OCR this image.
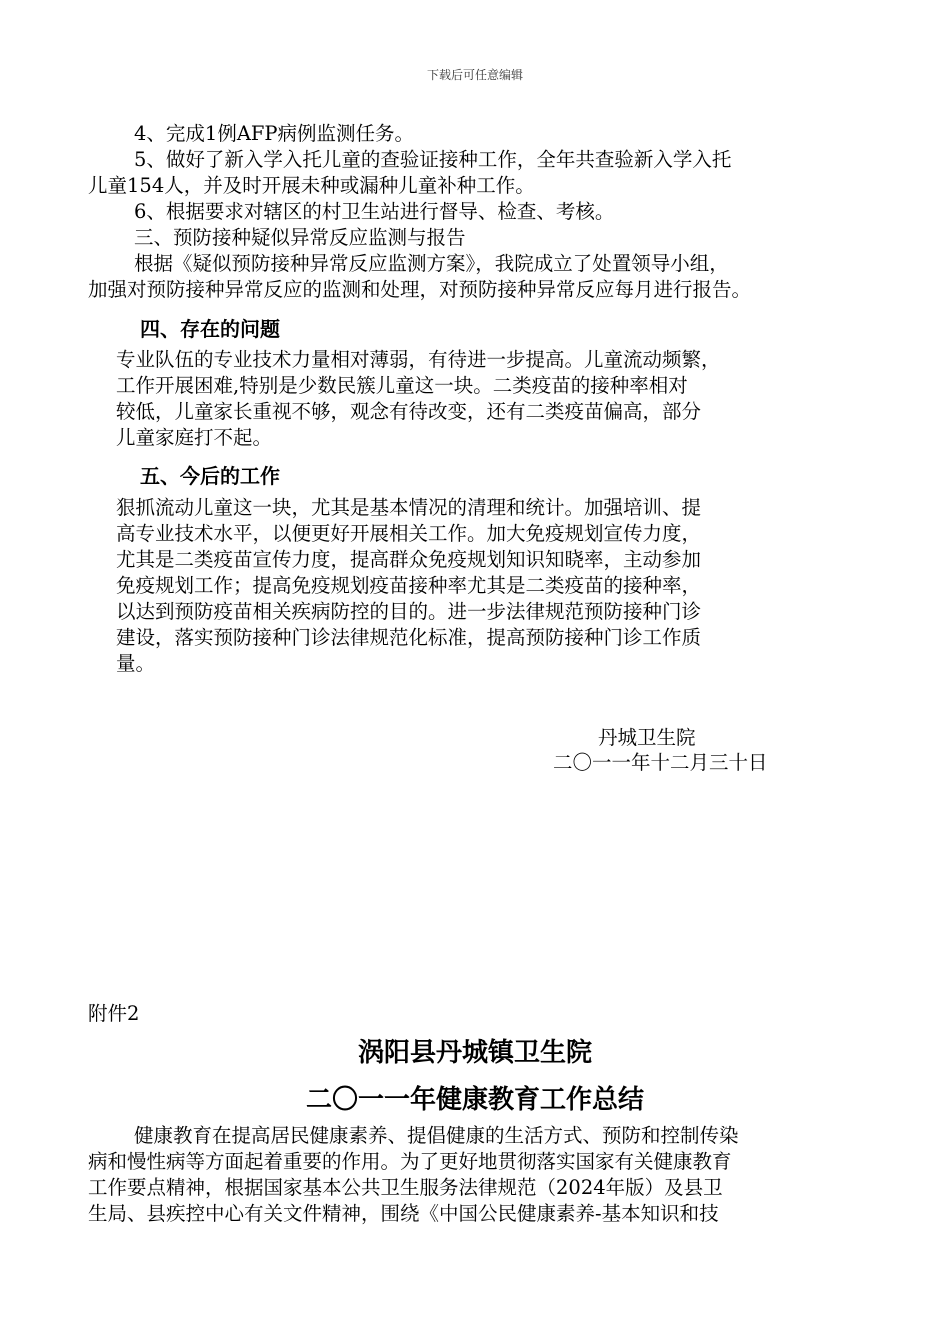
下载后可任意编辑
4、完成1例AFP病例监测任务。
5、做好了新入学入托儿童的查验证接种工作，全年共查验新入学入托
儿童154人，并及时开展未种或漏种儿童补种工作。
6、根据要求对辖区的村卫生站进行督导、检查、考核。
三、预防接种疑似异常反应监测与报告
根据《疑似预防接种异常反应监测方案》，我院成立了处置领导小组，
加强对预防接种异常反应的监测和处理，对预防接种异常反应每月进行报告。
四、存在的问题
专业队伍的专业技术力量相对薄弱，有待进一步提高。儿童流动频繁，
工作开展困难,特别是少数民簇儿童这一块。二类疫苗的接种率相对
较低，儿童家长重视不够，观念有待改变，还有二类疫苗偏高，部分
儿童家庭打不起。
五、今后的工作
狠抓流动儿童这一块，尤其是基本情况的清理和统计。加强培训、提
高专业技术水平，以便更好开展相关工作。加大免疫规划宣传力度，
尤其是二类疫苗宣传力度，提高群众免疫规划知识知晓率，主动参加
免疫规划工作；提高免疫规划疫苗接种率尤其是二类疫苗的接种率，
以达到预防疫苗相关疾病防控的目的。进一步法律规范预防接种门诊
建设，落实预防接种门诊法律规范化标准，提高预防接种门诊工作质
量。
丹城卫生院
二〇一一年十二月三十日
附件2
涡阳县丹城镇卫生院
二〇一一年健康教育工作总结
健康教育在提高居民健康素养、提倡健康的生活方式、预防和控制传染
病和慢性病等方面起着重要的作用。为了更好地贯彻落实国家有关健康教育
工作要点精神，根据国家基本公共卫生服务法律规范（2024年版）及县卫
生局、县疾控中心有关文件精神，围绕《中国公民健康素养-基本知识和技
